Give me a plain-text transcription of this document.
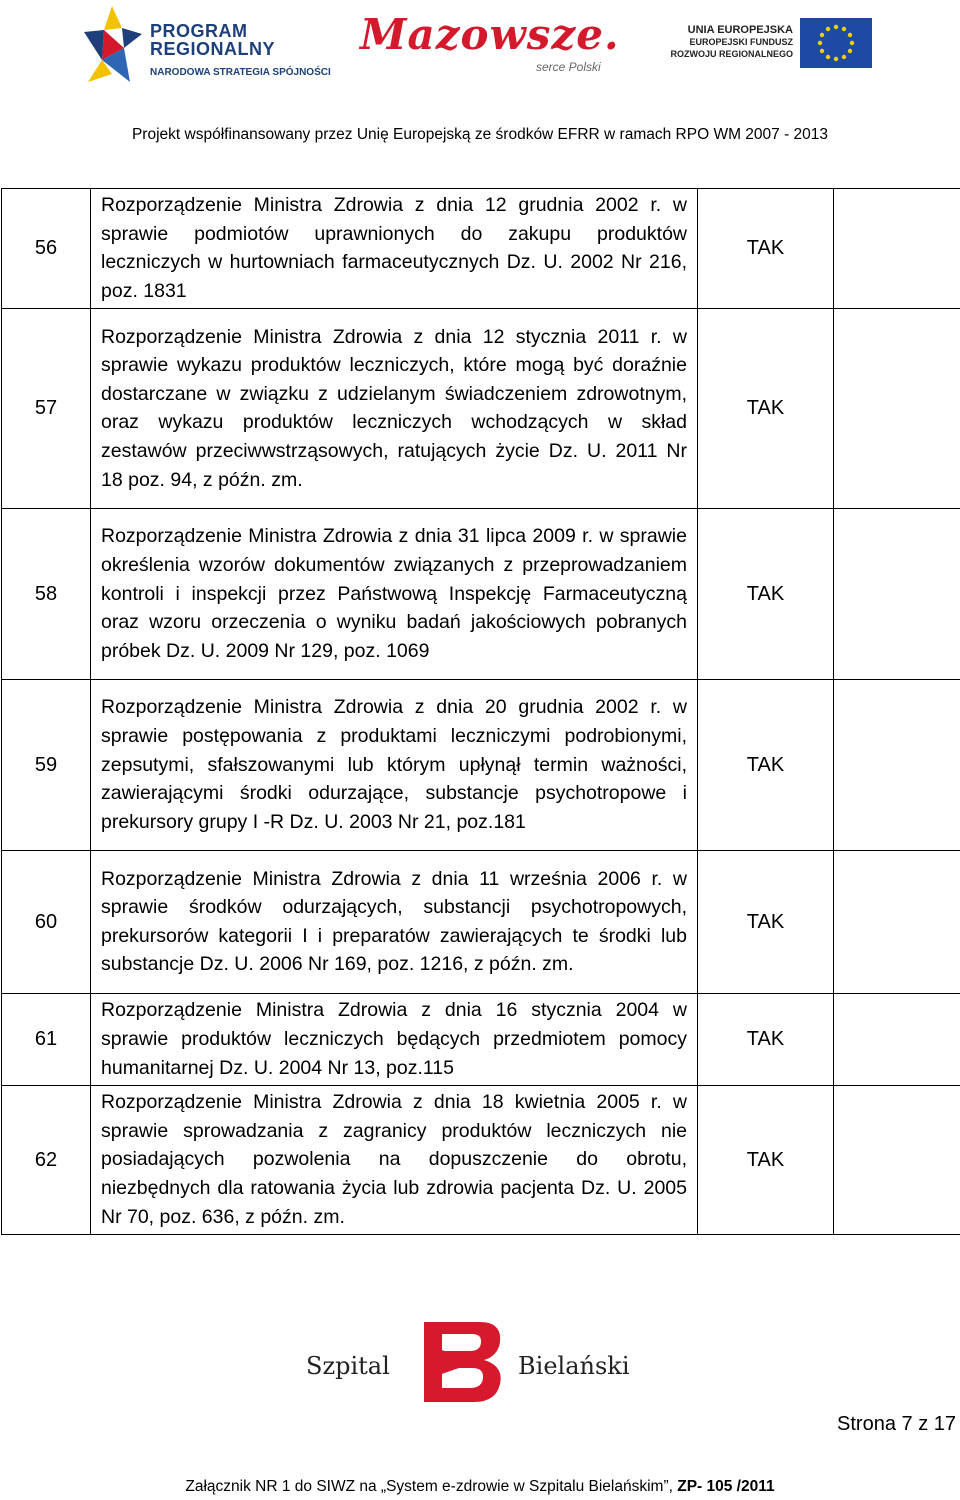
PROGRAM
REGIONALNY
NARODOWA STRATEGIA SPÓJNOŚCI
Mazowsze.
serce Polski
UNIA EUROPEJSKA
EUROPEJSKI FUNDUSZ
ROZWOJU REGIONALNEGO
Projekt współfinansowany przez Unię Europejską ze środków EFRR w ramach RPO WM 2007 - 2013
56	Rozporządzenie Ministra Zdrowia z dnia 12 grudnia 2002 r. w sprawie podmiotów uprawnionych do zakupu produktów leczniczych w hurtowniach farmaceutycznych Dz. U. 2002 Nr 216, poz. 1831	TAK	
57	Rozporządzenie Ministra Zdrowia z dnia 12 stycznia 2011 r. w sprawie wykazu produktów leczniczych, które mogą być doraźnie dostarczane w związku z udzielanym świadczeniem zdrowotnym, oraz wykazu produktów leczniczych wchodzących w skład zestawów przeciwwstrząsowych, ratujących życie Dz. U. 2011 Nr 18 poz. 94, z późn. zm.	TAK	
58	Rozporządzenie Ministra Zdrowia z dnia 31 lipca 2009 r. w sprawie określenia wzorów dokumentów związanych z przeprowadzaniem kontroli i inspekcji przez Państwową Inspekcję Farmaceutyczną oraz wzoru orzeczenia o wyniku badań jakościowych pobranych próbek Dz. U. 2009 Nr 129, poz. 1069	TAK	
59	Rozporządzenie Ministra Zdrowia z dnia 20 grudnia 2002 r. w sprawie postępowania z produktami leczniczymi podrobionymi, zepsutymi, sfałszowanymi lub którym upłynął termin ważności, zawierającymi środki odurzające, substancje psychotropowe i prekursory grupy I -R Dz. U. 2003 Nr 21, poz.181	TAK	
60	Rozporządzenie Ministra Zdrowia z dnia 11 września 2006 r. w sprawie środków odurzających, substancji psychotropowych, prekursorów kategorii I i preparatów zawierających te środki lub substancje Dz. U. 2006 Nr 169, poz. 1216, z późn. zm.	TAK	
61	Rozporządzenie Ministra Zdrowia z dnia 16 stycznia 2004 w sprawie produktów leczniczych będących przedmiotem pomocy humanitarnej Dz. U. 2004 Nr 13, poz.115	TAK	
62	Rozporządzenie Ministra Zdrowia z dnia 18 kwietnia 2005 r. w sprawie sprowadzania z zagranicy produktów leczniczych nie posiadających pozwolenia na dopuszczenie do obrotu, niezbędnych dla ratowania życia lub zdrowia pacjenta Dz. U. 2005 Nr 70, poz. 636, z późn. zm.	TAK	
Szpital	Bielański
Strona 7 z 17
Załącznik NR 1 do SIWZ na „System e-zdrowie w Szpitalu Bielańskim”, ZP- 105 /2011
